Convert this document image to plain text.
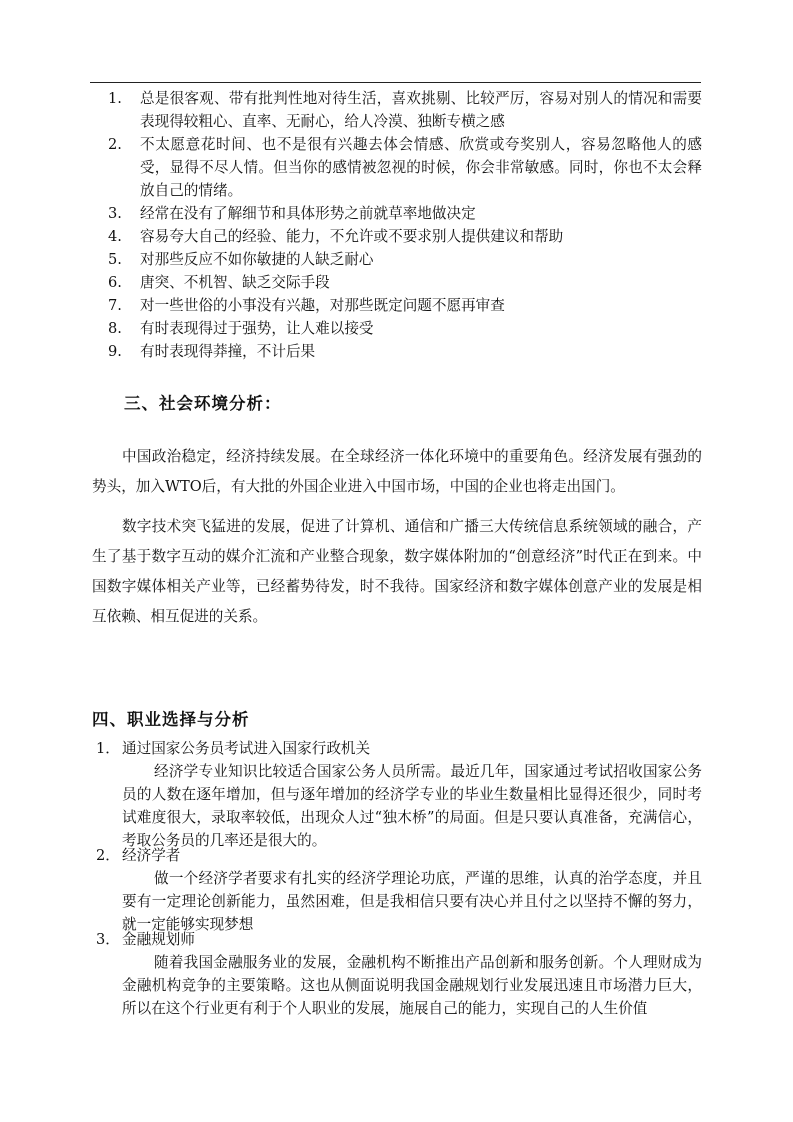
1.	总是很客观、带有批判性地对待生活，喜欢挑剔、比较严厉，容易对别人的情况和需要表现得较粗心、直率、无耐心，给人冷漠、独断专横之感
2.	不太愿意花时间、也不是很有兴趣去体会情感、欣赏或夸奖别人，容易忽略他人的感受，显得不尽人情。但当你的感情被忽视的时候，你会非常敏感。同时，你也不太会释放自己的情绪。
3.	经常在没有了解细节和具体形势之前就草率地做决定
4.	容易夸大自己的经验、能力，不允许或不要求别人提供建议和帮助
5.	对那些反应不如你敏捷的人缺乏耐心
6.	唐突、不机智、缺乏交际手段
7.	对一些世俗的小事没有兴趣，对那些既定问题不愿再审查
8.	有时表现得过于强势，让人难以接受
9.	有时表现得莽撞，不计后果
三、社会环境分析：
中国政治稳定，经济持续发展。在全球经济一体化环境中的重要角色。经济发展有强劲的势头，加入WTO后，有大批的外国企业进入中国市场，中国的企业也将走出国门。
数字技术突飞猛进的发展，促进了计算机、通信和广播三大传统信息系统领域的融合，产生了基于数字互动的媒介汇流和产业整合现象，数字媒体附加的“创意经济”时代正在到来。中国数字媒体相关产业等，已经蓄势待发，时不我待。国家经济和数字媒体创意产业的发展是相互依赖、相互促进的关系。
四、职业选择与分析
1． 通过国家公务员考试进入国家行政机关
经济学专业知识比较适合国家公务人员所需。最近几年，国家通过考试招收国家公务员的人数在逐年增加，但与逐年增加的经济学专业的毕业生数量相比显得还很少，同时考试难度很大，录取率较低，出现众人过“独木桥”的局面。但是只要认真准备，充满信心，考取公务员的几率还是很大的。
2． 经济学者
做一个经济学者要求有扎实的经济学理论功底，严谨的思维，认真的治学态度，并且要有一定理论创新能力，虽然困难，但是我相信只要有决心并且付之以坚持不懈的努力，就一定能够实现梦想
3． 金融规划师
随着我国金融服务业的发展，金融机构不断推出产品创新和服务创新。个人理财成为金融机构竞争的主要策略。这也从侧面说明我国金融规划行业发展迅速且市场潜力巨大，所以在这个行业更有利于个人职业的发展，施展自己的能力，实现自己的人生价值
